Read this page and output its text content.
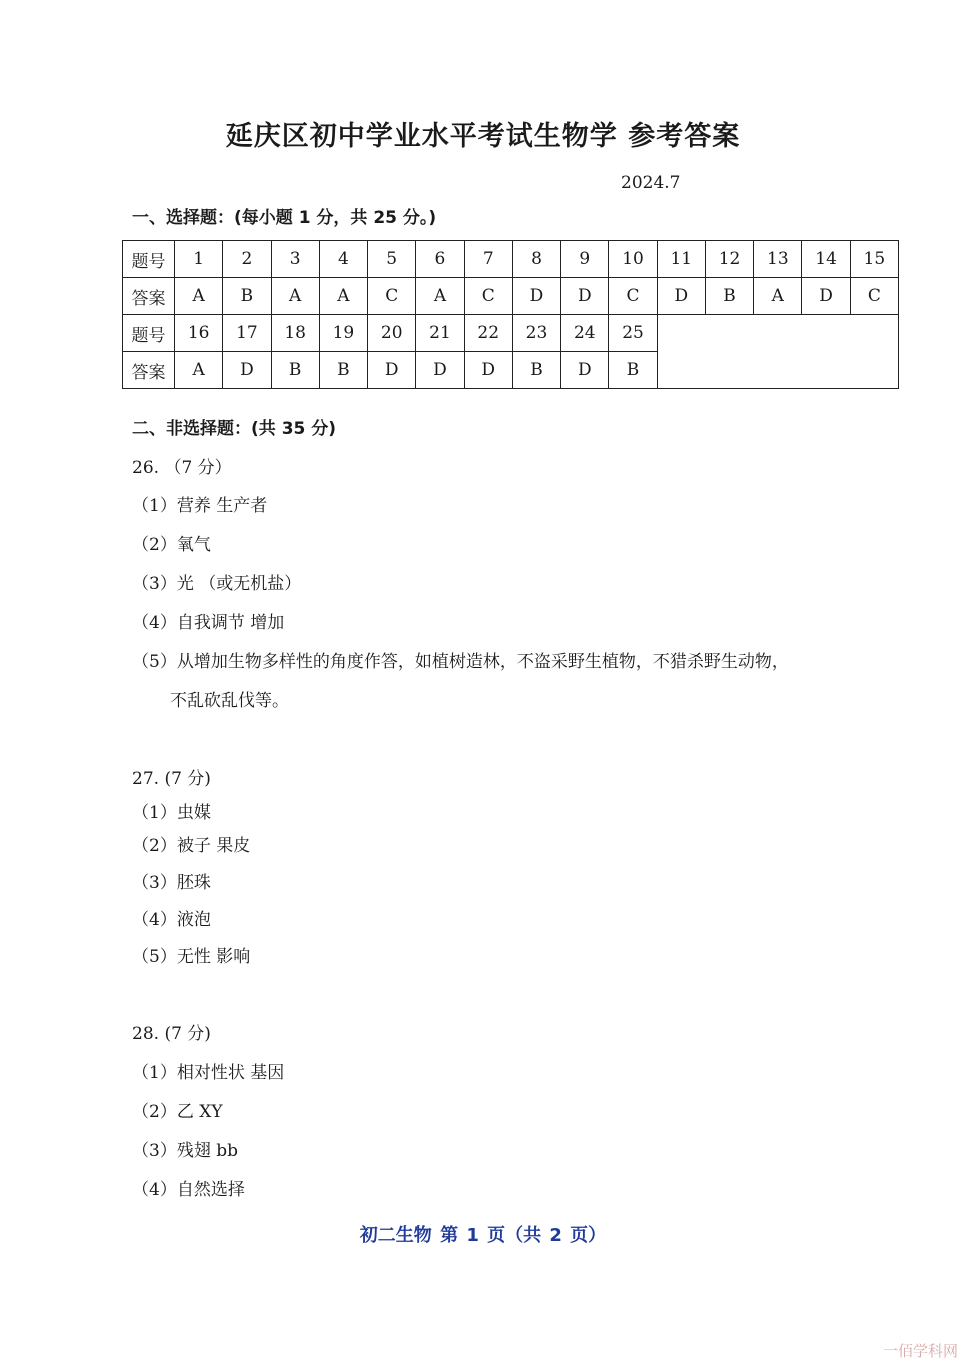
延庆区初中学业水平考试生物学 参考答案
2024.7
一、选择题：(每小题 1 分，共 25 分。)
题号	1	2	3	4	5	6	7	8	9	10	11	12	13	14	15
答案	A	B	A	A	C	A	C	D	D	C	D	B	A	D	C
题号	16	17	18	19	20	21	22	23	24	25					
答案	A	D	B	B	D	D	D	B	D	B					
二、非选择题：(共 35 分)
26. （7 分）
（1）营养 生产者
（2）氧气
（3）光 （或无机盐）
（4）自我调节 增加
（5）从增加生物多样性的角度作答，如植树造林，不盗采野生植物，不猎杀野生动物，
不乱砍乱伐等。
27. (7 分)
（1）虫媒
（2）被子 果皮
（3）胚珠
（4）液泡
（5）无性 影响
28. (7 分)
（1）相对性状 基因
（2）乙 XY
（3）残翅 bb
（4）自然选择
初二生物 第 1 页（共 2 页）
一佰学科网
